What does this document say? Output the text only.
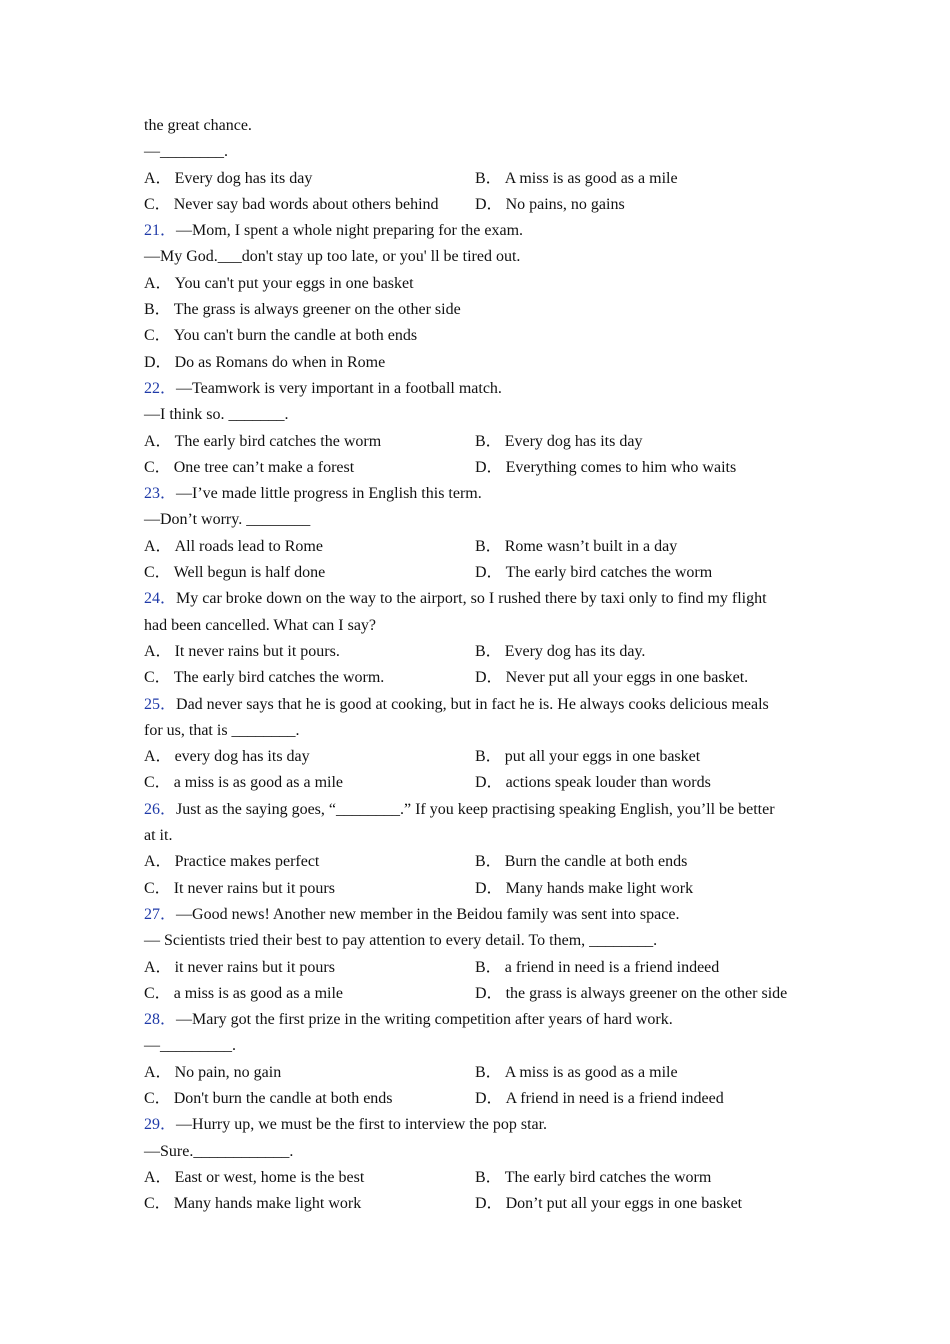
the great chance.
—________.
A． Every dog has its day	B． A miss is as good as a mile
C． Never say bad words about others behind	D． No pains, no gains
21．—Mom, I spent a whole night preparing for the exam.
—My God.___don't stay up too late, or you' ll be tired out.
A． You can't put your eggs in one basket
B． The grass is always greener on the other side
C． You can't burn the candle at both ends
D． Do as Romans do when in Rome
22．—Teamwork is very important in a football match.
—I think so. _______.
A． The early bird catches the worm	B． Every dog has its day
C． One tree can’t make a forest	D． Everything comes to him who waits
23．—I’ve made little progress in English this term.
—Don’t worry. ________
A． All roads lead to Rome	B． Rome wasn’t built in a day
C． Well begun is half done	D． The early bird catches the worm
24．My car broke down on the way to the airport, so I rushed there by taxi only to find my flight
had been cancelled. What can I say?
A． It never rains but it pours.	B． Every dog has its day.
C． The early bird catches the worm.	D． Never put all your eggs in one basket.
25．Dad never says that he is good at cooking, but in fact he is. He always cooks delicious meals
for us, that is ________.
A． every dog has its day	B． put all your eggs in one basket
C． a miss is as good as a mile	D． actions speak louder than words
26．Just as the saying goes, “________.” If you keep practising speaking English, you’ll be better
at it.
A． Practice makes perfect	B． Burn the candle at both ends
C． It never rains but it pours	D． Many hands make light work
27．—Good news! Another new member in the Beidou family was sent into space.
— Scientists tried their best to pay attention to every detail. To them, ________.
A． it never rains but it pours	B． a friend in need is a friend indeed
C． a miss is as good as a mile	D． the grass is always greener on the other side
28．—Mary got the first prize in the writing competition after years of hard work.
—_________.
A． No pain, no gain	B． A miss is as good as a mile
C． Don't burn the candle at both ends	D． A friend in need is a friend indeed
29．—Hurry up, we must be the first to interview the pop star.
—Sure.____________.
A． East or west, home is the best	B． The early bird catches the worm
C． Many hands make light work	D． Don’t put all your eggs in one basket
